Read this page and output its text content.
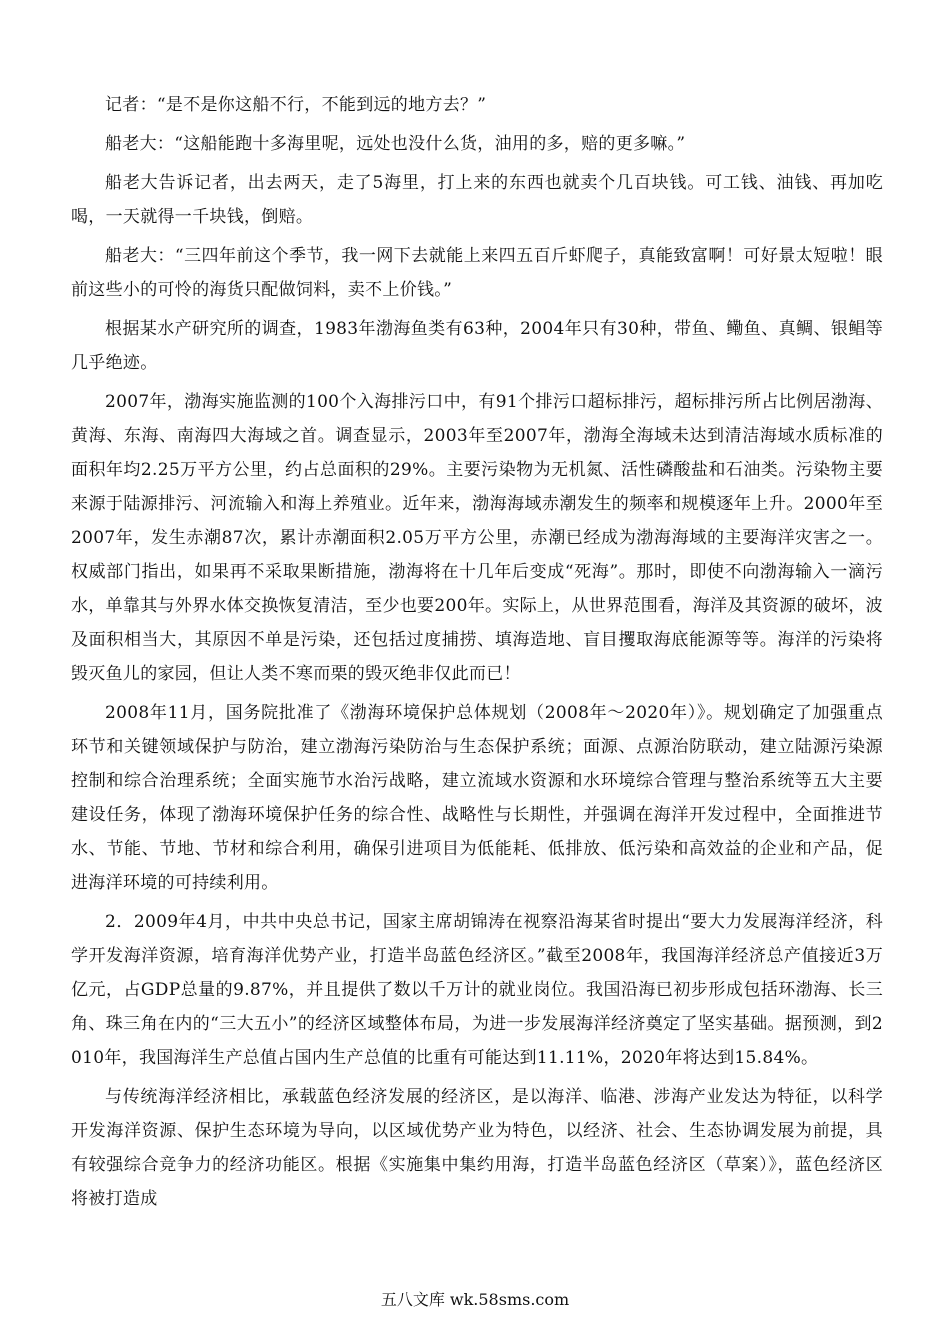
记者：“是不是你这船不行，不能到远的地方去？”

船老大：“这船能跑十多海里呢，远处也没什么货，油用的多，赔的更多嘛。”

船老大告诉记者，出去两天，走了5海里，打上来的东西也就卖个几百块钱。可工钱、油钱、再加吃喝，一天就得一千块钱，倒赔。

船老大：“三四年前这个季节，我一网下去就能上来四五百斤虾爬子，真能致富啊！可好景太短啦！眼前这些小的可怜的海货只配做饲料，卖不上价钱。”

根据某水产研究所的调查，1983年渤海鱼类有63种，2004年只有30种，带鱼、鳓鱼、真鲷、银鲳等几乎绝迹。

2007年，渤海实施监测的100个入海排污口中，有91个排污口超标排污，超标排污所占比例居渤海、黄海、东海、南海四大海域之首。调查显示，2003年至2007年，渤海全海域未达到清洁海域水质标准的面积年均2.25万平方公里，约占总面积的29%。主要污染物为无机氮、活性磷酸盐和石油类。污染物主要来源于陆源排污、河流输入和海上养殖业。近年来，渤海海域赤潮发生的频率和规模逐年上升。2000年至2007年，发生赤潮87次，累计赤潮面积2.05万平方公里，赤潮已经成为渤海海域的主要海洋灾害之一。权威部门指出，如果再不采取果断措施，渤海将在十几年后变成“死海”。那时，即使不向渤海输入一滴污水，单靠其与外界水体交换恢复清洁，至少也要200年。实际上，从世界范围看，海洋及其资源的破坏，波及面积相当大，其原因不单是污染，还包括过度捕捞、填海造地、盲目攫取海底能源等等。海洋的污染将毁灭鱼儿的家园，但让人类不寒而栗的毁灭绝非仅此而已！

2008年11月，国务院批准了《渤海环境保护总体规划（2008年～2020年）》。规划确定了加强重点环节和关键领域保护与防治，建立渤海污染防治与生态保护系统；面源、点源治防联动，建立陆源污染源控制和综合治理系统；全面实施节水治污战略，建立流域水资源和水环境综合管理与整治系统等五大主要建设任务，体现了渤海环境保护任务的综合性、战略性与长期性，并强调在海洋开发过程中，全面推进节水、节能、节地、节材和综合利用，确保引进项目为低能耗、低排放、低污染和高效益的企业和产品，促进海洋环境的可持续利用。

2．2009年4月，中共中央总书记，国家主席胡锦涛在视察沿海某省时提出“要大力发展海洋经济，科学开发海洋资源，培育海洋优势产业，打造半岛蓝色经济区。”截至2008年，我国海洋经济总产值接近3万亿元，占GDP总量的9.87%，并且提供了数以千万计的就业岗位。我国沿海已初步形成包括环渤海、长三角、珠三角在内的“三大五小”的经济区域整体布局，为进一步发展海洋经济奠定了坚实基础。据预测，到2010年，我国海洋生产总值占国内生产总值的比重有可能达到11.11%，2020年将达到15.84%。

与传统海洋经济相比，承载蓝色经济发展的经济区，是以海洋、临港、涉海产业发达为特征，以科学开发海洋资源、保护生态环境为导向，以区域优势产业为特色，以经济、社会、生态协调发展为前提，具有较强综合竞争力的经济功能区。根据《实施集中集约用海，打造半岛蓝色经济区（草案）》，蓝色经济区将被打造成

五八文库 wk.58sms.com
